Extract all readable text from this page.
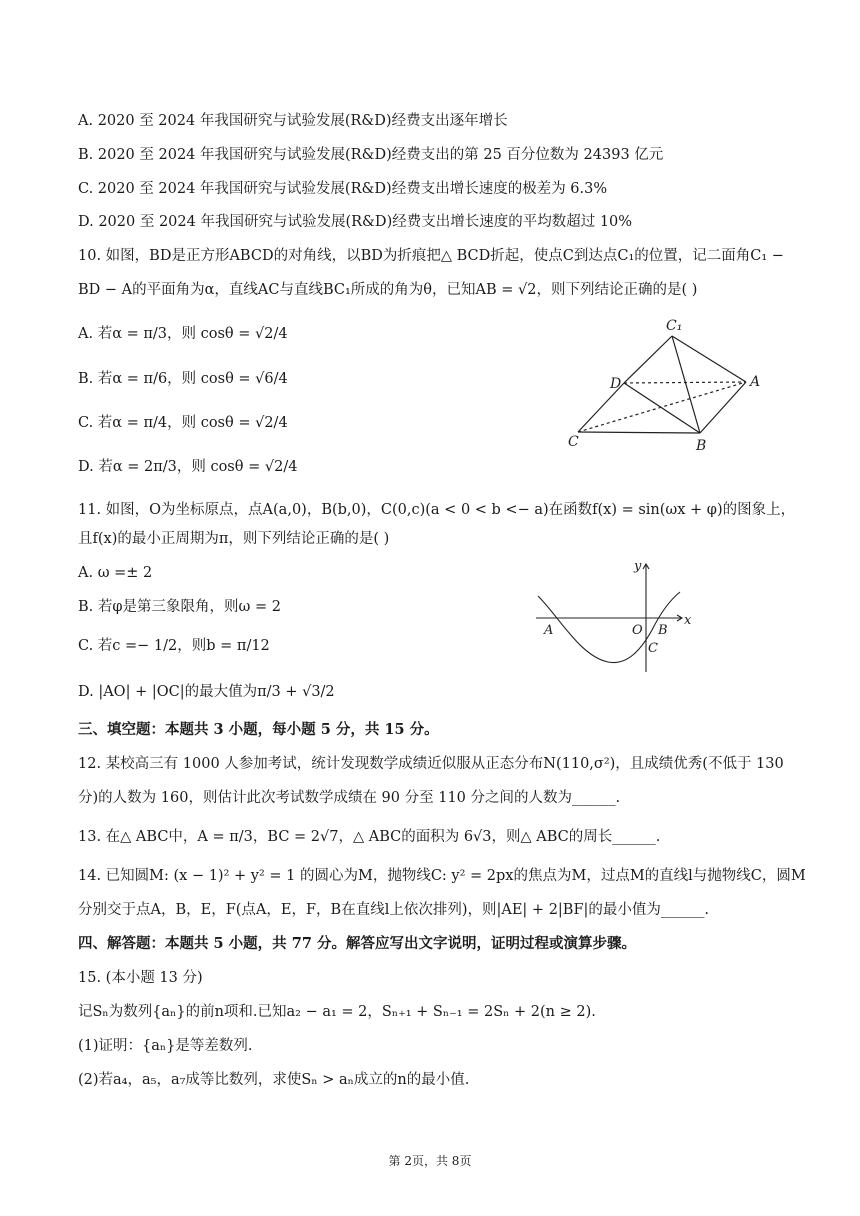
A. 2020 至 2024 年我国研究与试验发展(R&D)经费支出逐年增长
B. 2020 至 2024 年我国研究与试验发展(R&D)经费支出的第 25 百分位数为 24393 亿元
C. 2020 至 2024 年我国研究与试验发展(R&D)经费支出增长速度的极差为 6.3%
D. 2020 至 2024 年我国研究与试验发展(R&D)经费支出增长速度的平均数超过 10%
10. 如图，BD是正方形ABCD的对角线，以BD为折痕把△ BCD折起，使点C到达点C₁的位置，记二面角C₁ −
BD − A的平面角为α，直线AC与直线BC₁所成的角为θ，已知AB = √2，则下列结论正确的是( )
A. 若α = π/3，则 cosθ = √2/4
B. 若α = π/6，则 cosθ = √6/4
C. 若α = π/4，则 cosθ = √2/4
D. 若α = 2π/3，则 cosθ = √2/4
C₁
D	A
C	B
11. 如图，O为坐标原点，点A(a,0)，B(b,0)，C(0,c)(a < 0 < b <− a)在函数f(x) = sin(ωx + φ)的图象上，
且f(x)的最小正周期为π，则下列结论正确的是( )
A. ω =± 2
B. 若φ是第三象限角，则ω = 2
C. 若c =− 1/2，则b = π/12
D. |AO| + |OC|的最大值为π/3 + √3/2
y
x
A	O B
C
三、填空题：本题共 3 小题，每小题 5 分，共 15 分。
12. 某校高三有 1000 人参加考试，统计发现数学成绩近似服从正态分布N(110,σ²)，且成绩优秀(不低于 130
分)的人数为 160，则估计此次考试数学成绩在 90 分至 110 分之间的人数为______.
13. 在△ ABC中，A = π/3，BC = 2√7，△ ABC的面积为 6√3，则△ ABC的周长______.
14. 已知圆M: (x − 1)² + y² = 1 的圆心为M，抛物线C: y² = 2px的焦点为M，过点M的直线l与抛物线C，圆M
分别交于点A，B，E，F(点A，E，F，B在直线l上依次排列)，则|AE| + 2|BF|的最小值为______.
四、解答题：本题共 5 小题，共 77 分。解答应写出文字说明，证明过程或演算步骤。
15. (本小题 13 分)
记Sₙ为数列{aₙ}的前n项和.已知a₂ − a₁ = 2，Sₙ₊₁ + Sₙ₋₁ = 2Sₙ + 2(n ≥ 2).
(1)证明：{aₙ}是等差数列.
(2)若a₄，a₅，a₇成等比数列，求使Sₙ > aₙ成立的n的最小值.
第 2页，共 8页
